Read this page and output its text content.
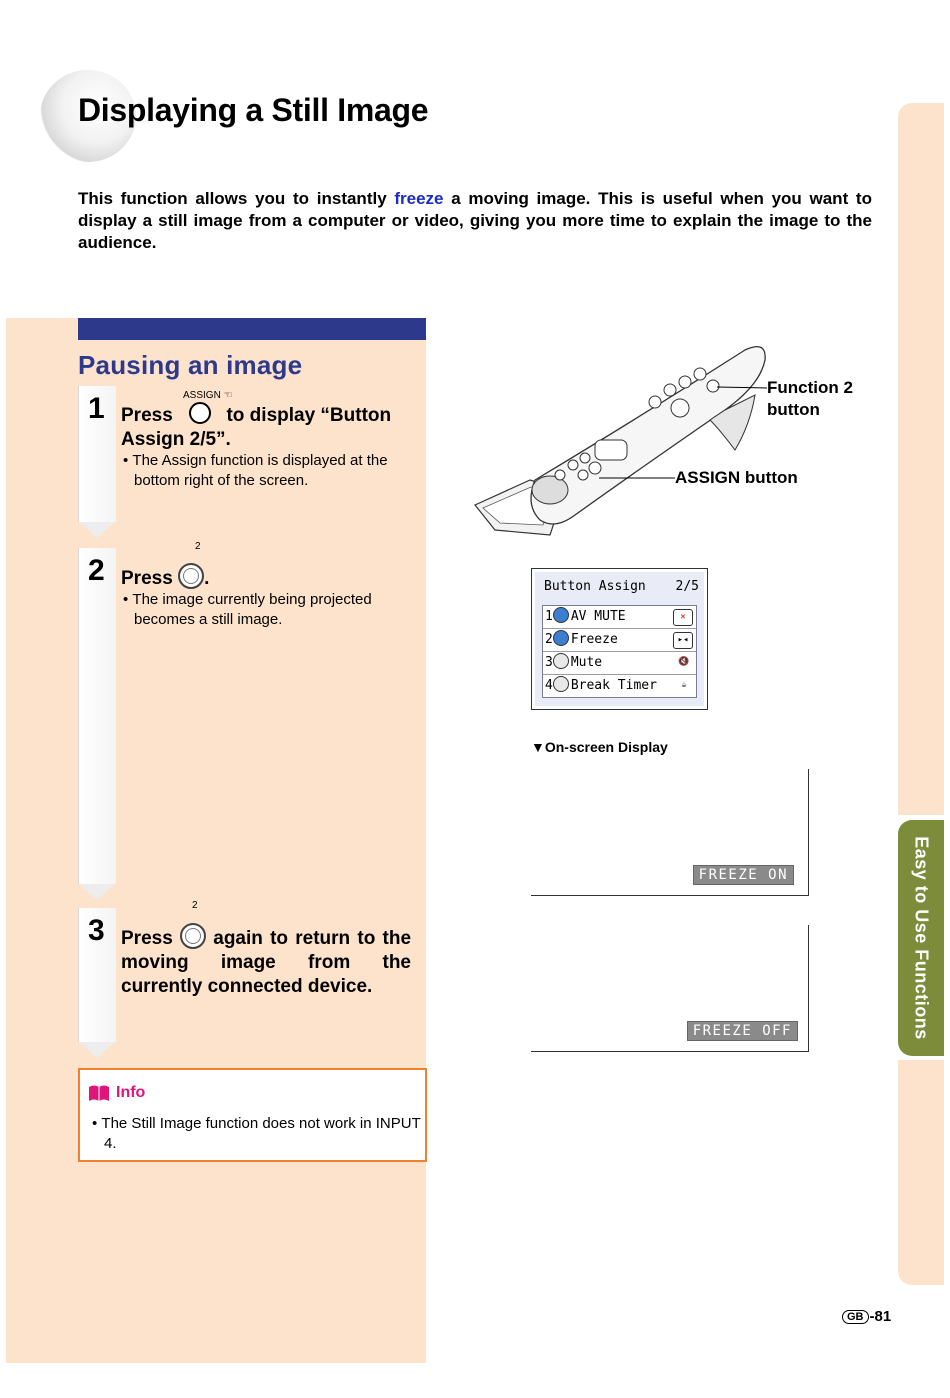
Displaying a Still Image
This function allows you to instantly freeze a moving image. This is useful when you want to display a still image from a computer or video, giving you more time to explain the image to the audience.
Pausing an image
1	ASSIGN ☜
Press	to display “Button Assign 2/5”.
• The Assign function is displayed at the bottom right of the screen.
2
2
Press .
• The image currently being projected becomes a still image.
3
2
Press again to return to the moving image from the currently connected device.
Info
• The Still Image function does not work in INPUT 4.
Function 2 button
ASSIGN button
Button Assign 2/5
1 AV MUTE	✕
2 Freeze	▸◂
3 Mute	🔇
4 Break Timer	☕
▼On-screen Display
FREEZE ON
FREEZE OFF	Easy to Use Functions
GB -81
